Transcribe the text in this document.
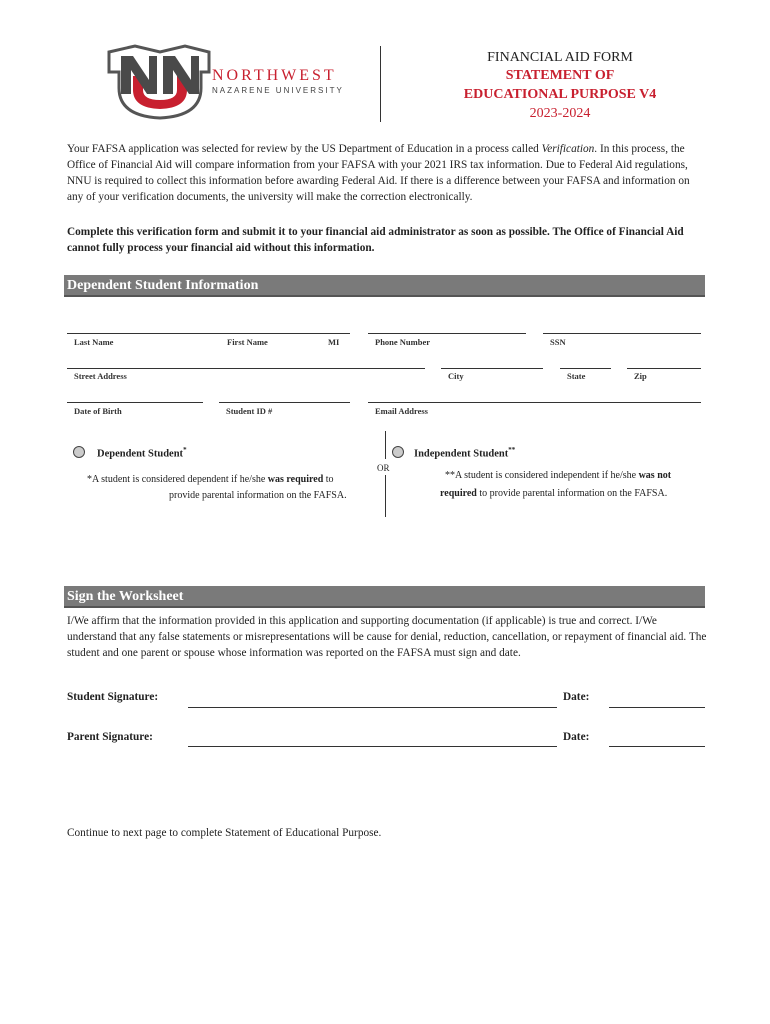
NORTHWEST
NAZARENE UNIVERSITY
FINANCIAL AID FORM
STATEMENT OF
EDUCATIONAL PURPOSE V4
2023-2024
Your FAFSA application was selected for review by the US Department of Education in a process called Verification. In this process, the Office of Financial Aid will compare information from your FAFSA with your 2021 IRS tax information. Due to Federal Aid regulations, NNU is required to collect this information before awarding Federal Aid. If there is a difference between your FAFSA and information on any of your verification documents, the university will make the correction electronically.
Complete this verification form and submit it to your financial aid administrator as soon as possible. The Office of Financial Aid cannot fully process your financial aid without this information.
Dependent Student Information
Last Name	First Name	MI	Phone Number	SSN
Street Address	City	State	Zip
Date of Birth	Student ID #	Email Address
Dependent Student*
*A student is considered dependent if he/she was required to
provide parental information on the FAFSA.
OR
Independent Student**
**A student is considered independent if he/she was not
required to provide parental information on the FAFSA.
Sign the Worksheet
I/We affirm that the information provided in this application and supporting documentation (if applicable) is true and correct. I/We understand that any false statements or misrepresentations will be cause for denial, reduction, cancellation, or repayment of financial aid. The student and one parent or spouse whose information was reported on the FAFSA must sign and date.
Student Signature:	Date:
Parent Signature:	Date:
Continue to next page to complete Statement of Educational Purpose.
